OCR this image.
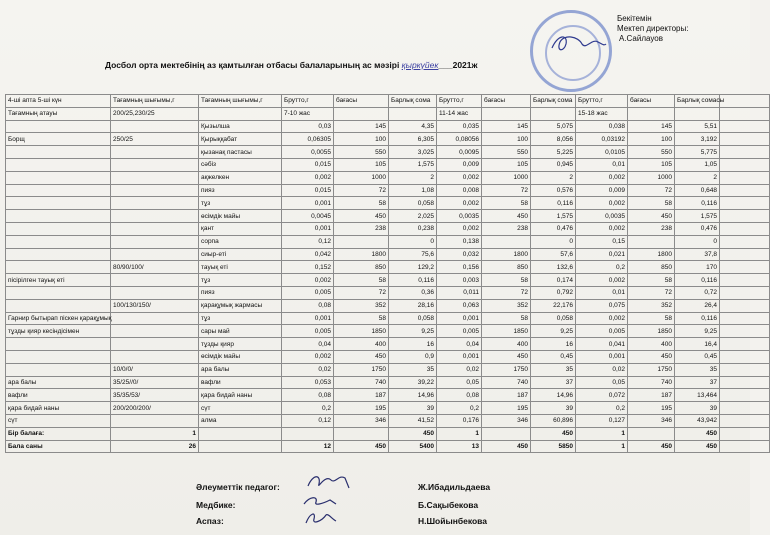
Бекітемін
Мектеп директоры:
А.Сайлауов
Досбол орта мектебінің аз қамтылған отбасы балаларының ас мәзірі қыркүйек___2021ж
4-ші апта 5-ші күн	Тағамның шығымы,г	Тағамның шығымы,г	Брутто,г	бағасы	Барлық сома	Брутто,г	бағасы	Барлық сома	Брутто,г	бағасы	Барлық сомасы	
Тағамның атауы	200/25,230/25		7-10 жас			11-14 жас			15-18 жас			
		Қызылша	0,03	145	4,35	0,035	145	5,075	0,038	145	5,51	
Борщ	250/25	Қырыққабат	0,06305	100	6,305	0,08056	100	8,056	0,03192	100	3,192	
		қызанақ пастасы	0,0055	550	3,025	0,0095	550	5,225	0,0105	550	5,775	
		сәбіз	0,015	105	1,575	0,009	105	0,945	0,01	105	1,05	
		ақжелкен	0,002	1000	2	0,002	1000	2	0,002	1000	2	
		пияз	0,015	72	1,08	0,008	72	0,576	0,009	72	0,648	
		тұз	0,001	58	0,058	0,002	58	0,116	0,002	58	0,116	
		өсімдік майы	0,0045	450	2,025	0,0035	450	1,575	0,0035	450	1,575	
		қант	0,001	238	0,238	0,002	238	0,476	0,002	238	0,476	
		сорпа	0,12		0	0,138		0	0,15		0	
		сиыр-еті	0,042	1800	75,6	0,032	1800	57,6	0,021	1800	37,8	
	80/90/100/	тауық еті	0,152	850	129,2	0,156	850	132,6	0,2	850	170	
пісірілген тауық еті		тұз	0,002	58	0,116	0,003	58	0,174	0,002	58	0,116	
		пияз	0,005	72	0,36	0,011	72	0,792	0,01	72	0,72	
	100/130/150/	қарақұмық жармасы	0,08	352	28,16	0,063	352	22,176	0,075	352	26,4	
Гарнир бытырап піскен қарақұмық		тұз	0,001	58	0,058	0,001	58	0,058	0,002	58	0,116	
тұзды қияр кесіндісімен		сары май	0,005	1850	9,25	0,005	1850	9,25	0,005	1850	9,25	
		тұзды қияр	0,04	400	16	0,04	400	16	0,041	400	16,4	
		өсімдік майы	0,002	450	0,9	0,001	450	0,45	0,001	450	0,45	
	10/0/0/	ара балы	0,02	1750	35	0,02	1750	35	0,02	1750	35	
ара балы	35/25//0/	вафли	0,053	740	39,22	0,05	740	37	0,05	740	37	
вафли	35/35/53/	қара бидай наны	0,08	187	14,96	0,08	187	14,96	0,072	187	13,464	
қара бидай наны	200/200/200/	сүт	0,2	195	39	0,2	195	39	0,2	195	39	
сүт		алма	0,12	346	41,52	0,176	346	60,896	0,127	346	43,942	
Бір балаға:	1				450	1		450	1		450	
Бала саны	26		12	450	5400	13	450	5850	1	450	450	
Әлеуметтік педагог:	Ж.Ибадильдаева
Медбике:	Б.Сақыбекова
Аспаз:	Н.Шойынбекова
